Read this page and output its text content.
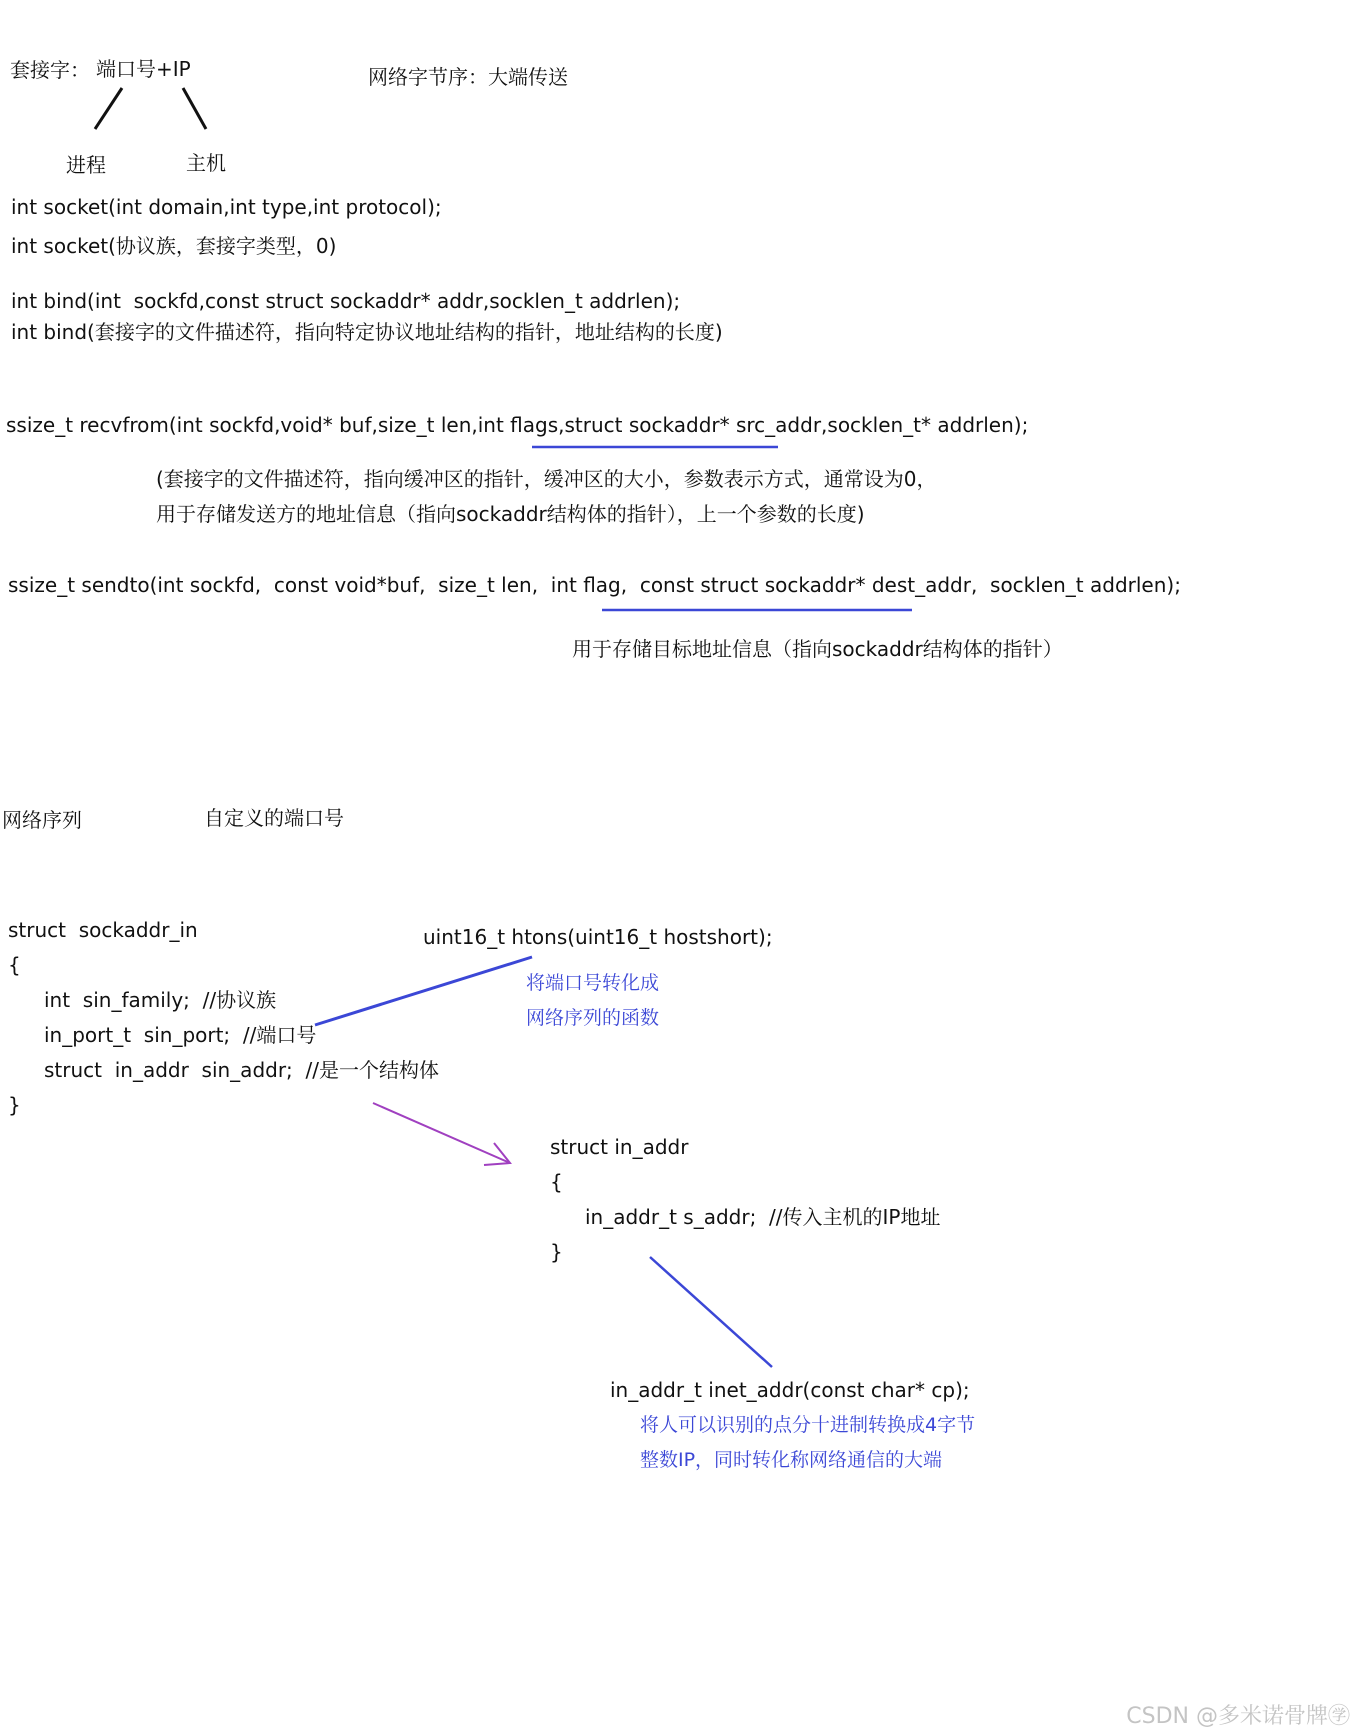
套接字： 端口号+IP
进程	主机
网络字节序：大端传送
int socket(int domain,int type,int protocol);
int socket(协议族，套接字类型，0)
int bind(int  sockfd,const struct sockaddr* addr,socklen_t addrlen);
int bind(套接字的文件描述符，指向特定协议地址结构的指针，地址结构的长度)
ssize_t recvfrom(int sockfd,void* buf,size_t len,int flags,struct sockaddr* src_addr,socklen_t* addrlen);
(套接字的文件描述符，指向缓冲区的指针，缓冲区的大小，参数表示方式，通常设为0，
用于存储发送方的地址信息（指向sockaddr结构体的指针），上一个参数的长度)
ssize_t sendto(int sockfd,  const void*buf,  size_t len,  int flag,  const struct sockaddr* dest_addr,  socklen_t addrlen);
用于存储目标地址信息（指向sockaddr结构体的指针）
网络序列	自定义的端口号
struct  sockaddr_in
{
int  sin_family;  //协议族
in_port_t  sin_port;  //端口号
struct  in_addr  sin_addr;  //是一个结构体
}
uint16_t htons(uint16_t hostshort);
将端口号转化成
网络序列的函数
struct in_addr
{
in_addr_t s_addr;  //传入主机的IP地址
}
in_addr_t inet_addr(const char* cp);
将人可以识别的点分十进制转换成4字节
整数IP，同时转化称网络通信的大端
CSDN @多米诺骨牌㊫
